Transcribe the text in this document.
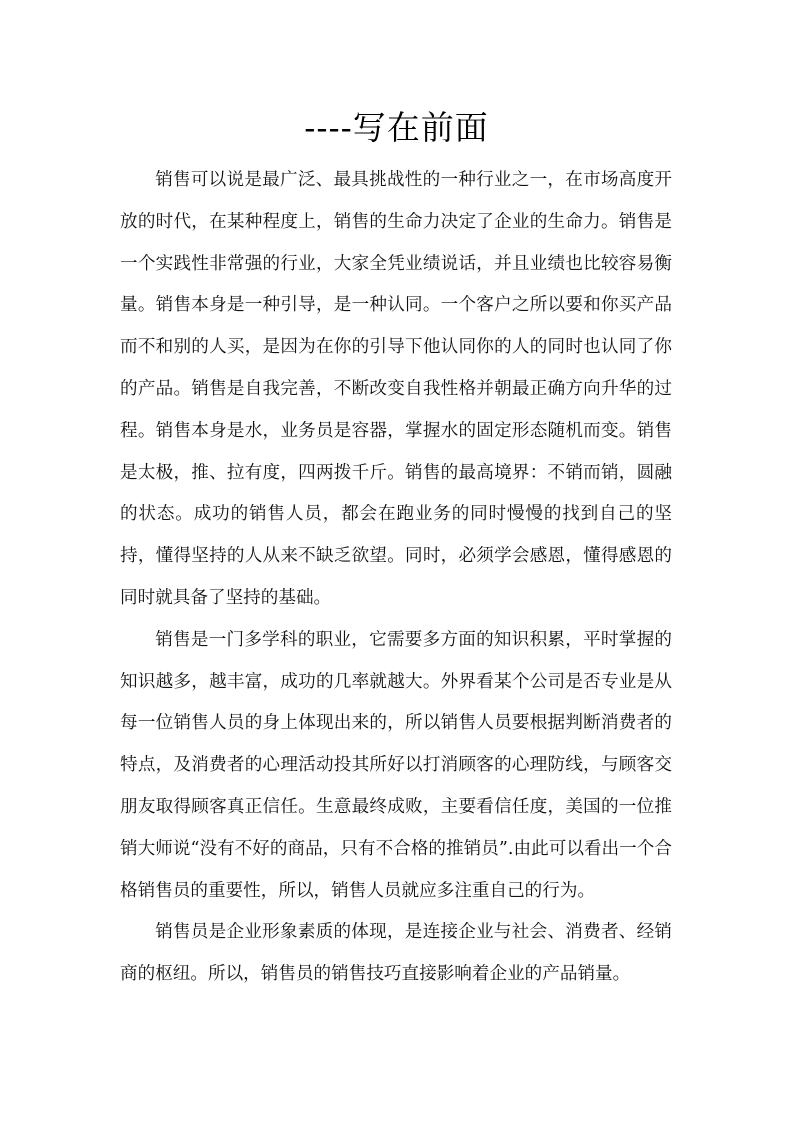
----写在前面

销售可以说是最广泛、最具挑战性的一种行业之一，在市场高度开放的时代，在某种程度上，销售的生命力决定了企业的生命力。销售是一个实践性非常强的行业，大家全凭业绩说话，并且业绩也比较容易衡量。销售本身是一种引导，是一种认同。一个客户之所以要和你买产品而不和别的人买，是因为在你的引导下他认同你的人的同时也认同了你的产品。销售是自我完善，不断改变自我性格并朝最正确方向升华的过程。销售本身是水，业务员是容器，掌握水的固定形态随机而变。销售是太极，推、拉有度，四两拨千斤。销售的最高境界：不销而销，圆融的状态。成功的销售人员，都会在跑业务的同时慢慢的找到自己的坚持，懂得坚持的人从来不缺乏欲望。同时，必须学会感恩，懂得感恩的同时就具备了坚持的基础。

销售是一门多学科的职业，它需要多方面的知识积累，平时掌握的知识越多，越丰富，成功的几率就越大。外界看某个公司是否专业是从每一位销售人员的身上体现出来的，所以销售人员要根据判断消费者的特点，及消费者的心理活动投其所好以打消顾客的心理防线，与顾客交朋友取得顾客真正信任。生意最终成败，主要看信任度，美国的一位推销大师说“没有不好的商品，只有不合格的推销员”.由此可以看出一个合格销售员的重要性，所以，销售人员就应多注重自己的行为。

销售员是企业形象素质的体现，是连接企业与社会、消费者、经销商的枢纽。所以，销售员的销售技巧直接影响着企业的产品销量。
